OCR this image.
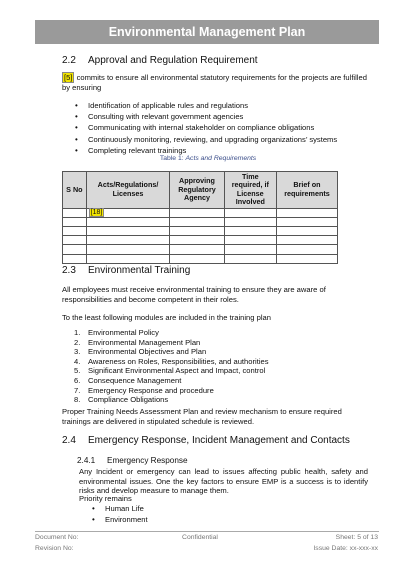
Environmental Management Plan
2.2 Approval and Regulation Requirement
[5] commits to ensure all environmental statutory requirements for the projects are fulfilled by ensuring
• Identification of applicable rules and regulations
• Consulting with relevant government agencies
• Communicating with internal stakeholder on compliance obligations
• Continuously monitoring, reviewing, and upgrading organizations’ systems
• Completing relevant trainings
Table 1: Acts and Requirements
S No	Acts/Regulations/ Licenses	Approving Regulatory Agency	Time required, if License Involved	Brief on requirements
	[18]			

2.3 Environmental Training
All employees must receive environmental training to ensure they are aware of responsibilities and become competent in their roles.
To the least following modules are included in the training plan
1. Environmental Policy
2. Environmental Management Plan
3. Environmental Objectives and Plan
4. Awareness on Roles, Responsibilities, and authorities
5. Significant Environmental Aspect and Impact, control
6. Consequence Management
7. Emergency Response and procedure
8. Compliance Obligations
Proper Training Needs Assessment Plan and review mechanism to ensure required trainings are delivered in stipulated schedule is reviewed.
2.4 Emergency Response, Incident Management and Contacts
2.4.1 Emergency Response
Any Incident or emergency can lead to issues affecting public health, safety and environmental issues. One the key factors to ensure EMP is a success is to identify risks and develop measure to manage them.
Priority remains
• Human Life
• Environment
Document No:
Revision No:
Confidential	Sheet: 5 of 13
Issue Date: xx-xxx-xx
